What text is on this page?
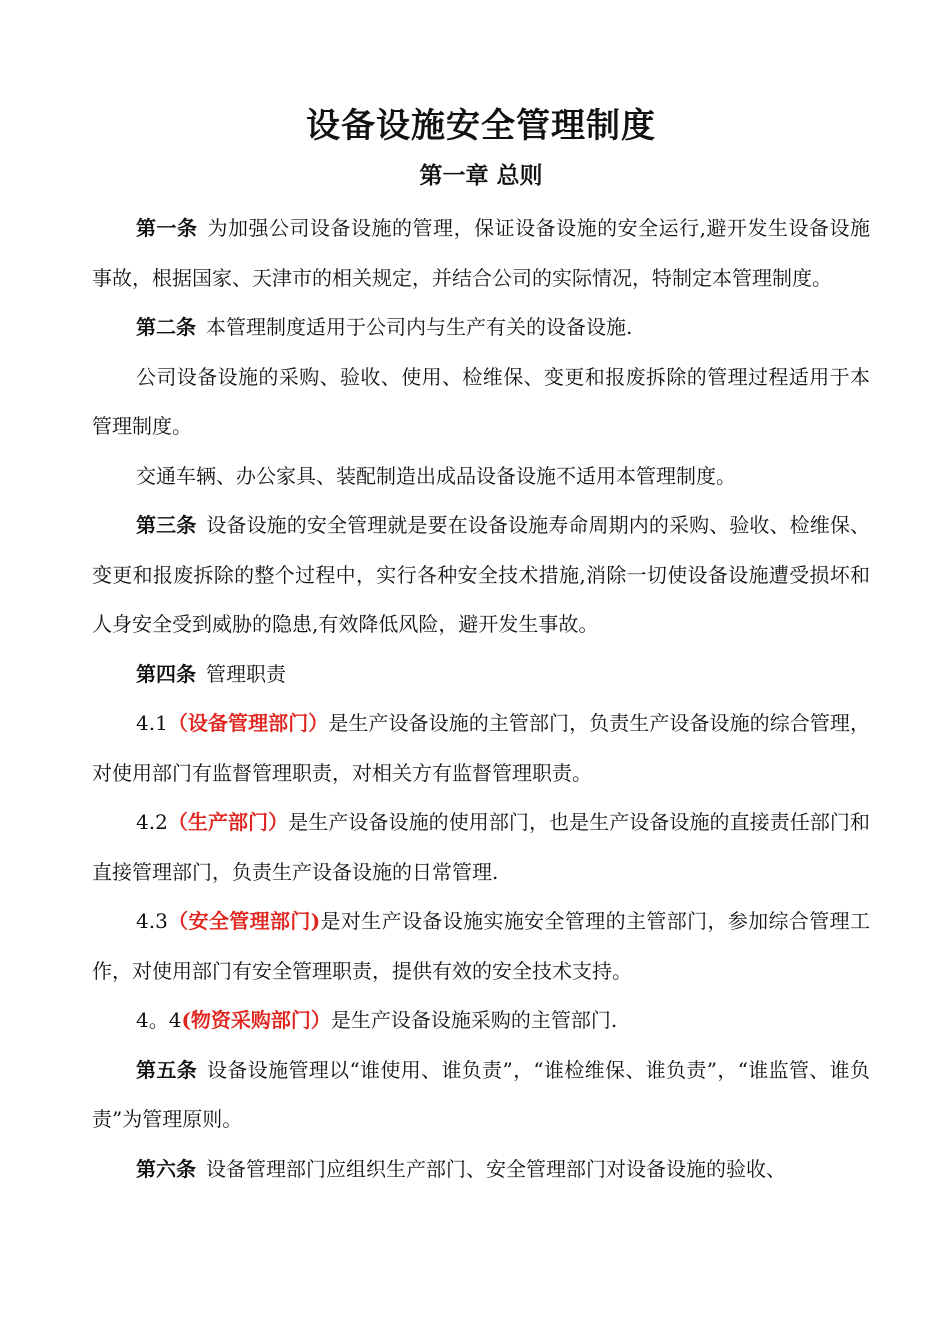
设备设施安全管理制度
第一章 总则

第一条 为加强公司设备设施的管理，保证设备设施的安全运行,避开发生设备设施事故，根据国家、天津市的相关规定，并结合公司的实际情况，特制定本管理制度。

第二条 本管理制度适用于公司内与生产有关的设备设施.

公司设备设施的采购、验收、使用、检维保、变更和报废拆除的管理过程适用于本管理制度。

交通车辆、办公家具、装配制造出成品设备设施不适用本管理制度。

第三条 设备设施的安全管理就是要在设备设施寿命周期内的采购、验收、检维保、变更和报废拆除的整个过程中，实行各种安全技术措施,消除一切使设备设施遭受损坏和人身安全受到威胁的隐患,有效降低风险，避开发生事故。

第四条 管理职责

4.1（设备管理部门）是生产设备设施的主管部门，负责生产设备设施的综合管理，对使用部门有监督管理职责，对相关方有监督管理职责。

4.2（生产部门）是生产设备设施的使用部门，也是生产设备设施的直接责任部门和直接管理部门，负责生产设备设施的日常管理.

4.3（安全管理部门)是对生产设备设施实施安全管理的主管部门，参加综合管理工作，对使用部门有安全管理职责，提供有效的安全技术支持。

4。4(物资采购部门）是生产设备设施采购的主管部门.

第五条 设备设施管理以“谁使用、谁负责”，“谁检维保、谁负责”，“谁监管、谁负责”为管理原则。

第六条 设备管理部门应组织生产部门、安全管理部门对设备设施的验收、
